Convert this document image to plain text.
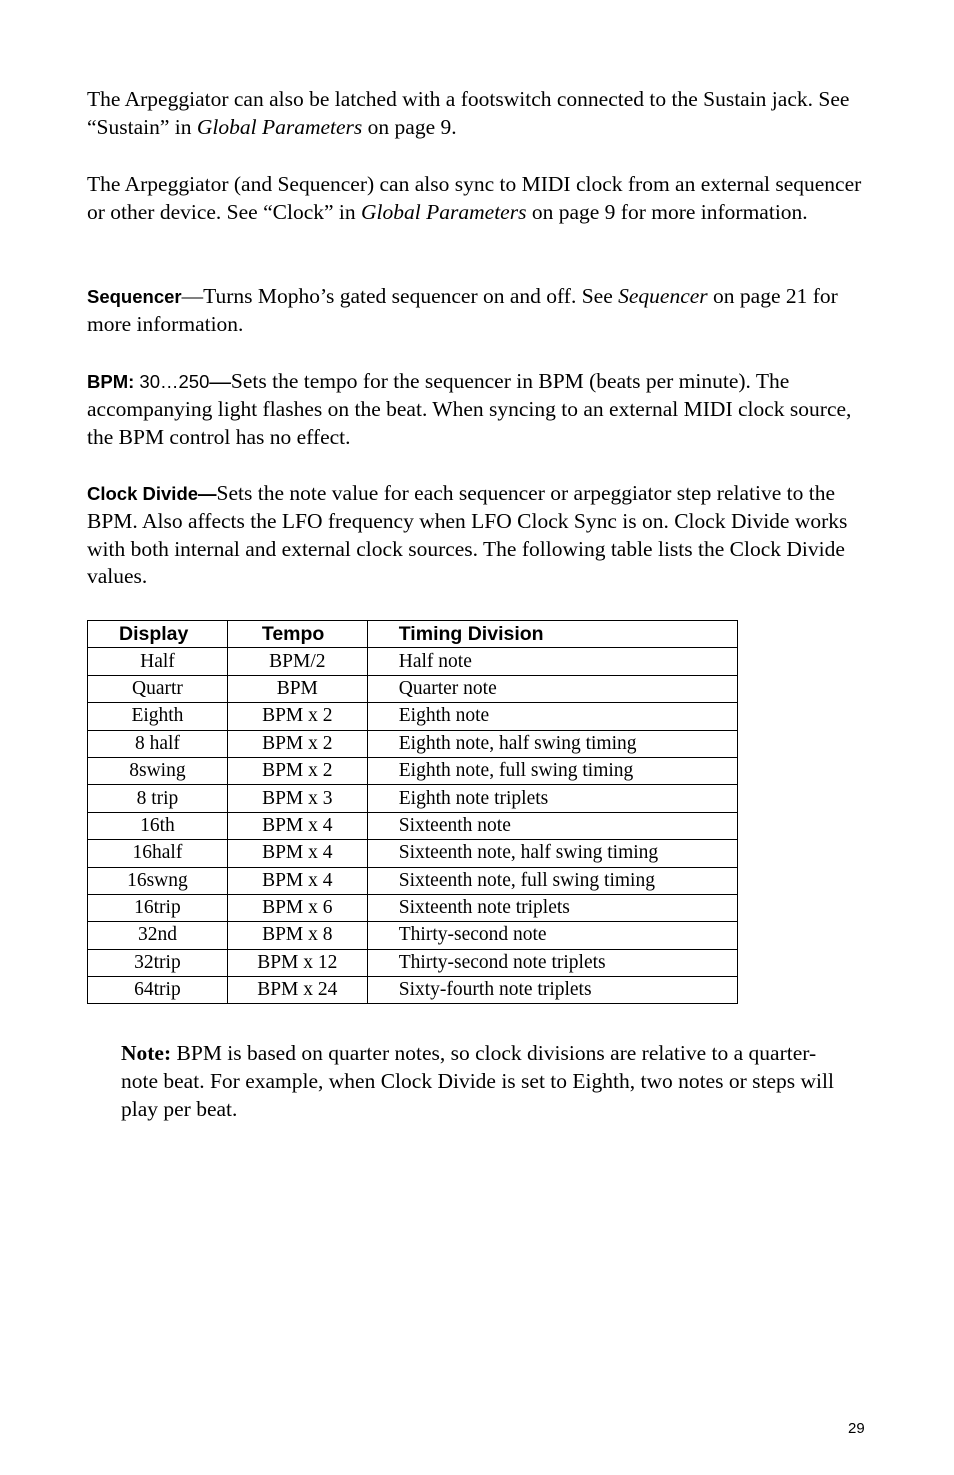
The Arpeggiator can also be latched with a footswitch connected to the Sustain jack. See “Sustain” in Global Parameters on page 9.

The Arpeggiator (and Sequencer) can also sync to MIDI clock from an external sequencer or other device. See “Clock” in Global Parameters on page 9 for more information.

Sequencer—Turns Mopho’s gated sequencer on and off. See Sequencer on page 21 for more information.

BPM: 30…250—Sets the tempo for the sequencer in BPM (beats per minute). The accompanying light flashes on the beat. When syncing to an external MIDI clock source, the BPM control has no effect.

Clock Divide—Sets the note value for each sequencer or arpeggiator step relative to the BPM. Also affects the LFO frequency when LFO Clock Sync is on. Clock Divide works with both internal and external clock sources. The following table lists the Clock Divide values.

Display	Tempo	Timing Division
Half	BPM/2	Half note
Quartr	BPM	Quarter note
Eighth	BPM x 2	Eighth note
8 half	BPM x 2	Eighth note, half swing timing
8swing	BPM x 2	Eighth note, full swing timing
8 trip	BPM x 3	Eighth note triplets
16th	BPM x 4	Sixteenth note
16half	BPM x 4	Sixteenth note, half swing timing
16swng	BPM x 4	Sixteenth note, full swing timing
16trip	BPM x 6	Sixteenth note triplets
32nd	BPM x 8	Thirty-second note
32trip	BPM x 12	Thirty-second note triplets
64trip	BPM x 24	Sixty-fourth note triplets

Note: BPM is based on quarter notes, so clock divisions are relative to a quarter-note beat. For example, when Clock Divide is set to Eighth, two notes or steps will play per beat.

29
